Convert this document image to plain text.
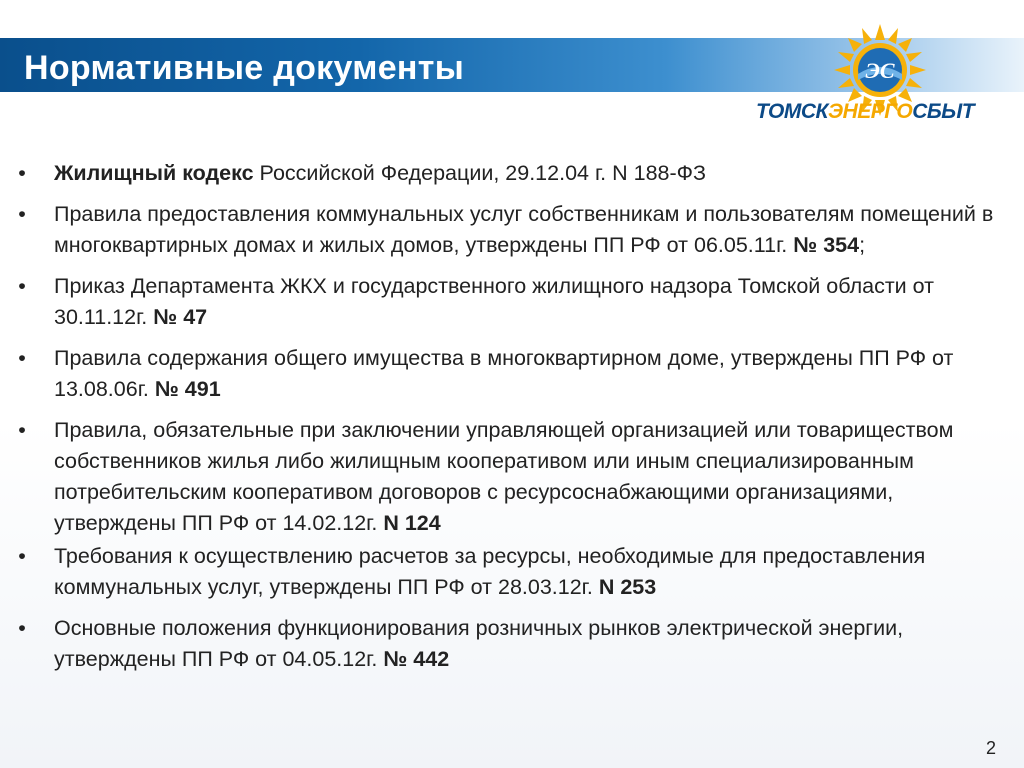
Нормативные документы	ЭС
ТОМСКЭНЕРГОСБЫТ
• Жилищный кодекс Российской Федерации, 29.12.04 г. N 188-ФЗ
• Правила предоставления коммунальных услуг собственникам и пользователям помещений в многоквартирных домах и жилых домов, утверждены ПП РФ от 06.05.11г. № 354;
• Приказ Департамента ЖКХ и государственного жилищного надзора Томской области от 30.11.12г. № 47
• Правила содержания общего имущества в многоквартирном доме, утверждены ПП РФ от 13.08.06г. № 491
• Правила, обязательные при заключении управляющей организацией или товариществом собственников жилья либо жилищным кооперативом или иным специализированным потребительским кооперативом договоров с ресурсоснабжающими организациями, утверждены ПП РФ от 14.02.12г. N 124
• Требования к осуществлению расчетов за ресурсы, необходимые для предоставления коммунальных услуг, утверждены ПП РФ от 28.03.12г. N 253
• Основные положения функционирования розничных рынков электрической энергии, утверждены ПП РФ от 04.05.12г. № 442
2
